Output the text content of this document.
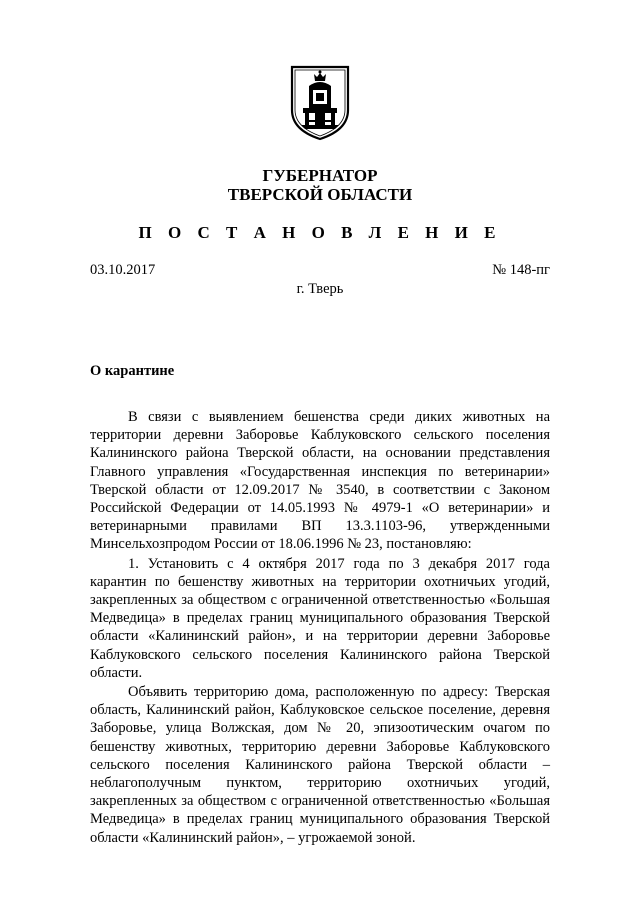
ГУБЕРНАТОР
ТВЕРСКОЙ ОБЛАСТИ
П О С Т А Н О В Л Е Н И Е
03.10.2017	№ 148-пг
г. Тверь
О карантине

В связи с выявлением бешенства среди диких животных на территории деревни Заборовье Каблуковского сельского поселения Калининского района Тверской области, на основании представления Главного управления «Государственная инспекция по ветеринарии» Тверской области от 12.09.2017 № 3540, в соответствии с Законом Российской Федерации от 14.05.1993 № 4979-1 «О ветеринарии» и ветеринарными правилами ВП 13.3.1103-96, утвержденными Минсельхозпродом России от 18.06.1996 № 23, постановляю:

1. Установить с 4 октября 2017 года по 3 декабря 2017 года карантин по бешенству животных на территории охотничьих угодий, закрепленных за обществом с ограниченной ответственностью «Большая Медведица» в пределах границ муниципального образования Тверской области «Калининский район», и на территории деревни Заборовье Каблуковского сельского поселения Калининского района Тверской области.

Объявить территорию дома, расположенную по адресу: Тверская область, Калининский район, Каблуковское сельское поселение, деревня Заборовье, улица Волжская, дом № 20, эпизоотическим очагом по бешенству животных, территорию деревни Заборовье Каблуковского сельского поселения Калининского района Тверской области – неблагополучным пунктом, территорию охотничьих угодий, закрепленных за обществом с ограниченной ответственностью «Большая Медведица» в пределах границ муниципального образования Тверской области «Калининский район», – угрожаемой зоной.
